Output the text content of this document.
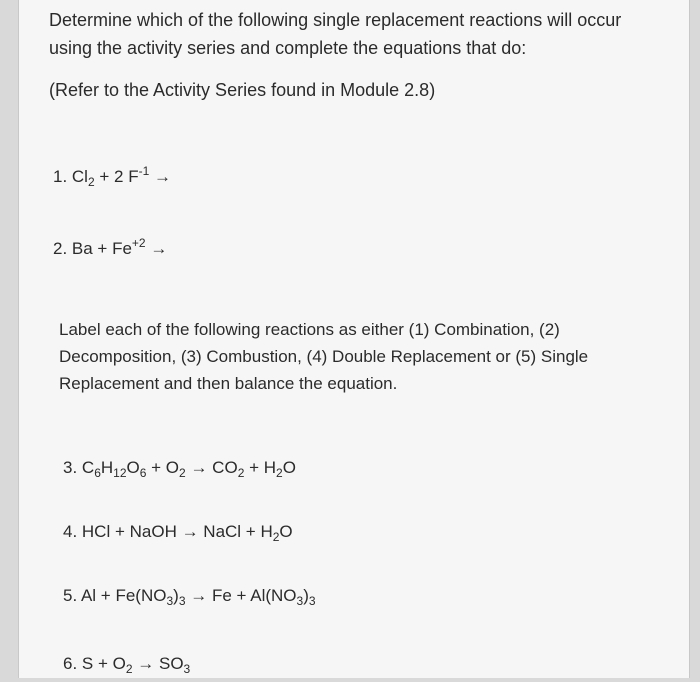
Determine which of the following single replacement reactions will occur using the activity series and complete the equations that do:
(Refer to the Activity Series found in Module 2.8)
1. $Cl_2 + 2$ $F^{-1}$ →
2. $Ba + Fe^{+2}$ →
Label each of the following reactions as either (1) Combination, (2) Decomposition, (3) Combustion, (4) Double Replacement or (5) Single Replacement and then balance the equation.
3. $C_6H_{12}O_6 + O_2 \to CO_2 + H_2O$
4. HCl + NaOH → NaCl + $H_2O$
5. $Al + Fe(NO_3)_3 \to Fe + Al(NO_3)_3$
6. $S + O_2 \to SO_3$
